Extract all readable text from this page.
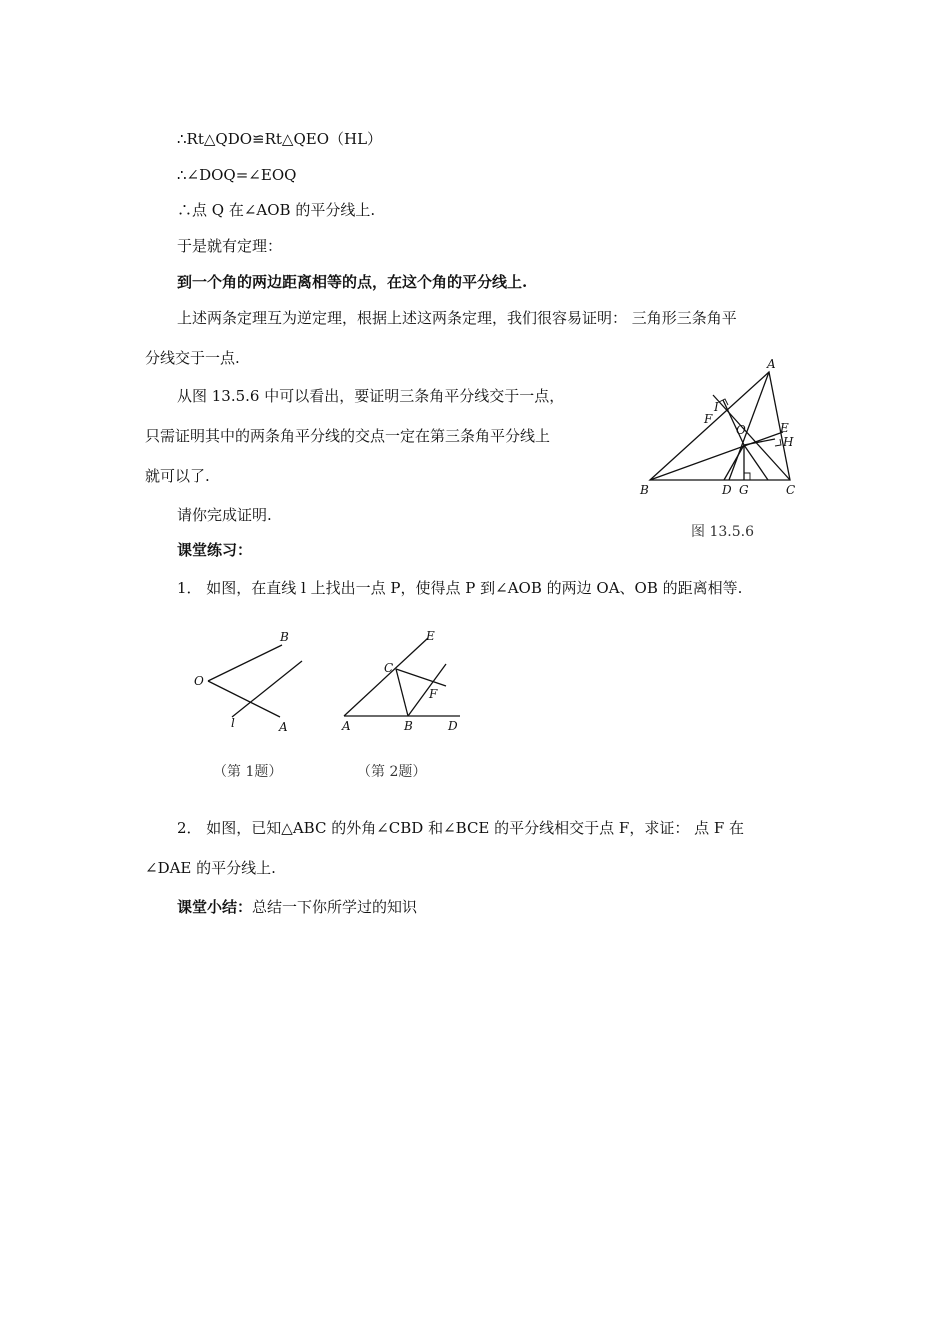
∴Rt△QDO≌Rt△QEO（HL）
∴∠DOQ=∠EOQ
∴点 Q 在∠AOB 的平分线上.
于是就有定理：
到一个角的两边距离相等的点，在这个角的平分线上.
上述两条定理互为逆定理，根据上述这两条定理，我们很容易证明： 三角形三条角平
分线交于一点.
从图 13.5.6 中可以看出，要证明三条角平分线交于一点，
只需证明其中的两条角平分线的交点一定在第三条角平分线上
就可以了.
请你完成证明.
课堂练习：
1． 如图，在直线 l 上找出一点 P，使得点 P 到∠AOB 的两边 OA、OB 的距离相等.
A
B	C
D G
E
H
F
I
O
图 13.5.6
B
O
A
l
（第 1题）
A	B	D
C
E
F
（第 2题）
2． 如图，已知△ABC 的外角∠CBD 和∠BCE 的平分线相交于点 F，求证： 点 F 在
∠DAE 的平分线上.
课堂小结：总结一下你所学过的知识
